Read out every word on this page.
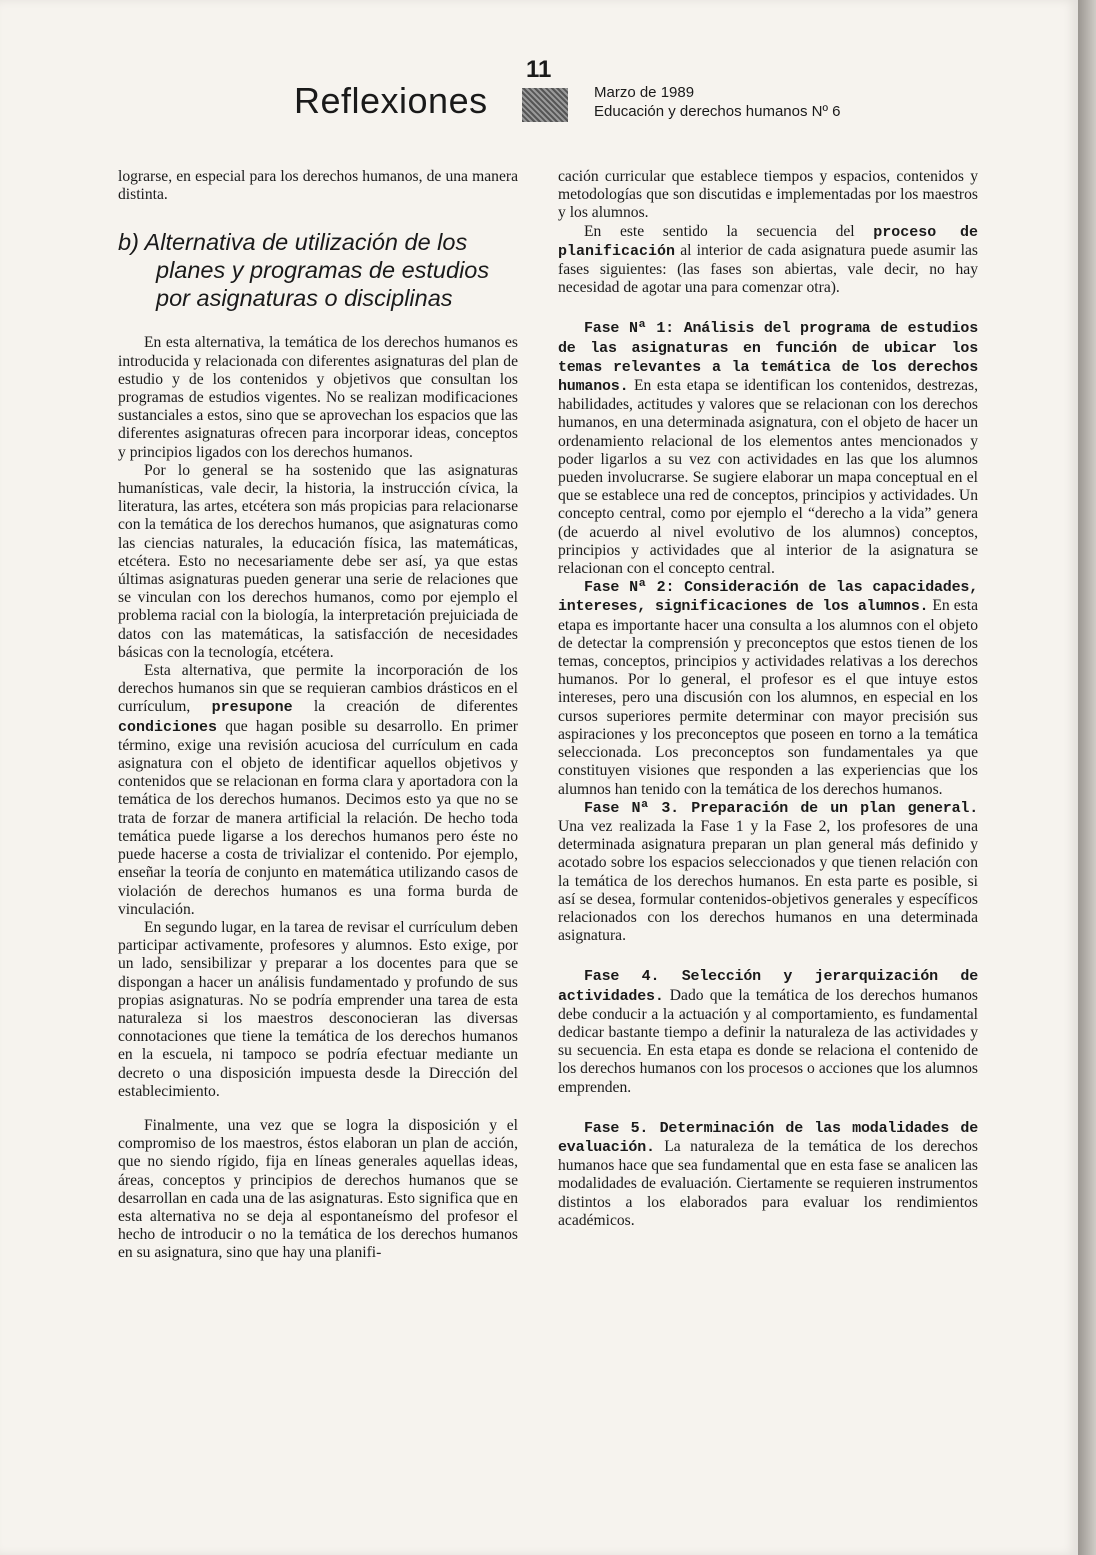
11
Reflexiones	Marzo de 1989
Educación y derechos humanos Nº 6

lograrse, en especial para los derechos humanos, de una manera distinta.

b) Alternativa de utilización de los planes y programas de estudios por asignaturas o disciplinas

En esta alternativa, la temática de los derechos humanos es introducida y relacionada con diferentes asignaturas del plan de estudio y de los contenidos y objetivos que consultan los programas de estudios vigentes. No se realizan modificaciones sustanciales a estos, sino que se aprovechan los espacios que las diferentes asignaturas ofrecen para incorporar ideas, conceptos y principios ligados con los derechos humanos.

Por lo general se ha sostenido que las asignaturas humanísticas, vale decir, la historia, la instrucción cívica, la literatura, las artes, etcétera son más propicias para relacionarse con la temática de los derechos humanos, que asignaturas como las ciencias naturales, la educación física, las matemáticas, etcétera. Esto no necesariamente debe ser así, ya que estas últimas asignaturas pueden generar una serie de relaciones que se vinculan con los derechos humanos, como por ejemplo el problema racial con la biología, la interpretación prejuiciada de datos con las matemáticas, la satisfacción de necesidades básicas con la tecnología, etcétera.

Esta alternativa, que permite la incorporación de los derechos humanos sin que se requieran cambios drásticos en el currículum, presupone la creación de diferentes condiciones que hagan posible su desarrollo. En primer término, exige una revisión acuciosa del currículum en cada asignatura con el objeto de identificar aquellos objetivos y contenidos que se relacionan en forma clara y aportadora con la temática de los derechos humanos. Decimos esto ya que no se trata de forzar de manera artificial la relación. De hecho toda temática puede ligarse a los derechos humanos pero éste no puede hacerse a costa de trivializar el contenido. Por ejemplo, enseñar la teoría de conjunto en matemática utilizando casos de violación de derechos humanos es una forma burda de vinculación.

En segundo lugar, en la tarea de revisar el currículum deben participar activamente, profesores y alumnos. Esto exige, por un lado, sensibilizar y preparar a los docentes para que se dispongan a hacer un análisis fundamentado y profundo de sus propias asignaturas. No se podría emprender una tarea de esta naturaleza si los maestros desconocieran las diversas connotaciones que tiene la temática de los derechos humanos en la escuela, ni tampoco se podría efectuar mediante un decreto o una disposición impuesta desde la Dirección del establecimiento.

Finalmente, una vez que se logra la disposición y el compromiso de los maestros, éstos elaboran un plan de acción, que no siendo rígido, fija en líneas generales aquellas ideas, áreas, conceptos y principios de derechos humanos que se desarrollan en cada una de las asignaturas. Esto significa que en esta alternativa no se deja al espontaneísmo del profesor el hecho de introducir o no la temática de los derechos humanos en su asignatura, sino que hay una planifi-

cación curricular que establece tiempos y espacios, contenidos y metodologías que son discutidas e implementadas por los maestros y los alumnos.

En este sentido la secuencia del proceso de planificación al interior de cada asignatura puede asumir las fases siguientes: (las fases son abiertas, vale decir, no hay necesidad de agotar una para comenzar otra).

Fase Nª 1: Análisis del programa de estudios de las asignaturas en función de ubicar los temas relevantes a la temática de los derechos humanos. En esta etapa se identifican los contenidos, destrezas, habilidades, actitudes y valores que se relacionan con los derechos humanos, en una determinada asignatura, con el objeto de hacer un ordenamiento relacional de los elementos antes mencionados y poder ligarlos a su vez con actividades en las que los alumnos pueden involucrarse. Se sugiere elaborar un mapa conceptual en el que se establece una red de conceptos, principios y actividades. Un concepto central, como por ejemplo el “derecho a la vida” genera (de acuerdo al nivel evolutivo de los alumnos) conceptos, principios y actividades que al interior de la asignatura se relacionan con el concepto central.

Fase Nª 2: Consideración de las capacidades, intereses, significaciones de los alumnos. En esta etapa es importante hacer una consulta a los alumnos con el objeto de detectar la comprensión y preconceptos que estos tienen de los temas, conceptos, principios y actividades relativas a los derechos humanos. Por lo general, el profesor es el que intuye estos intereses, pero una discusión con los alumnos, en especial en los cursos superiores permite determinar con mayor precisión sus aspiraciones y los preconceptos que poseen en torno a la temática seleccionada. Los preconceptos son fundamentales ya que constituyen visiones que responden a las experiencias que los alumnos han tenido con la temática de los derechos humanos.

Fase Nª 3. Preparación de un plan general. Una vez realizada la Fase 1 y la Fase 2, los profesores de una determinada asignatura preparan un plan general más definido y acotado sobre los espacios seleccionados y que tienen relación con la temática de los derechos humanos. En esta parte es posible, si así se desea, formular contenidos-objetivos generales y específicos relacionados con los derechos humanos en una determinada asignatura.

Fase 4. Selección y jerarquización de actividades. Dado que la temática de los derechos humanos debe conducir a la actuación y al comportamiento, es fundamental dedicar bastante tiempo a definir la naturaleza de las actividades y su secuencia. En esta etapa es donde se relaciona el contenido de los derechos humanos con los procesos o acciones que los alumnos emprenden.

Fase 5. Determinación de las modalidades de evaluación. La naturaleza de la temática de los derechos humanos hace que sea fundamental que en esta fase se analicen las modalidades de evaluación. Ciertamente se requieren instrumentos distintos a los elaborados para evaluar los rendimientos académicos.
